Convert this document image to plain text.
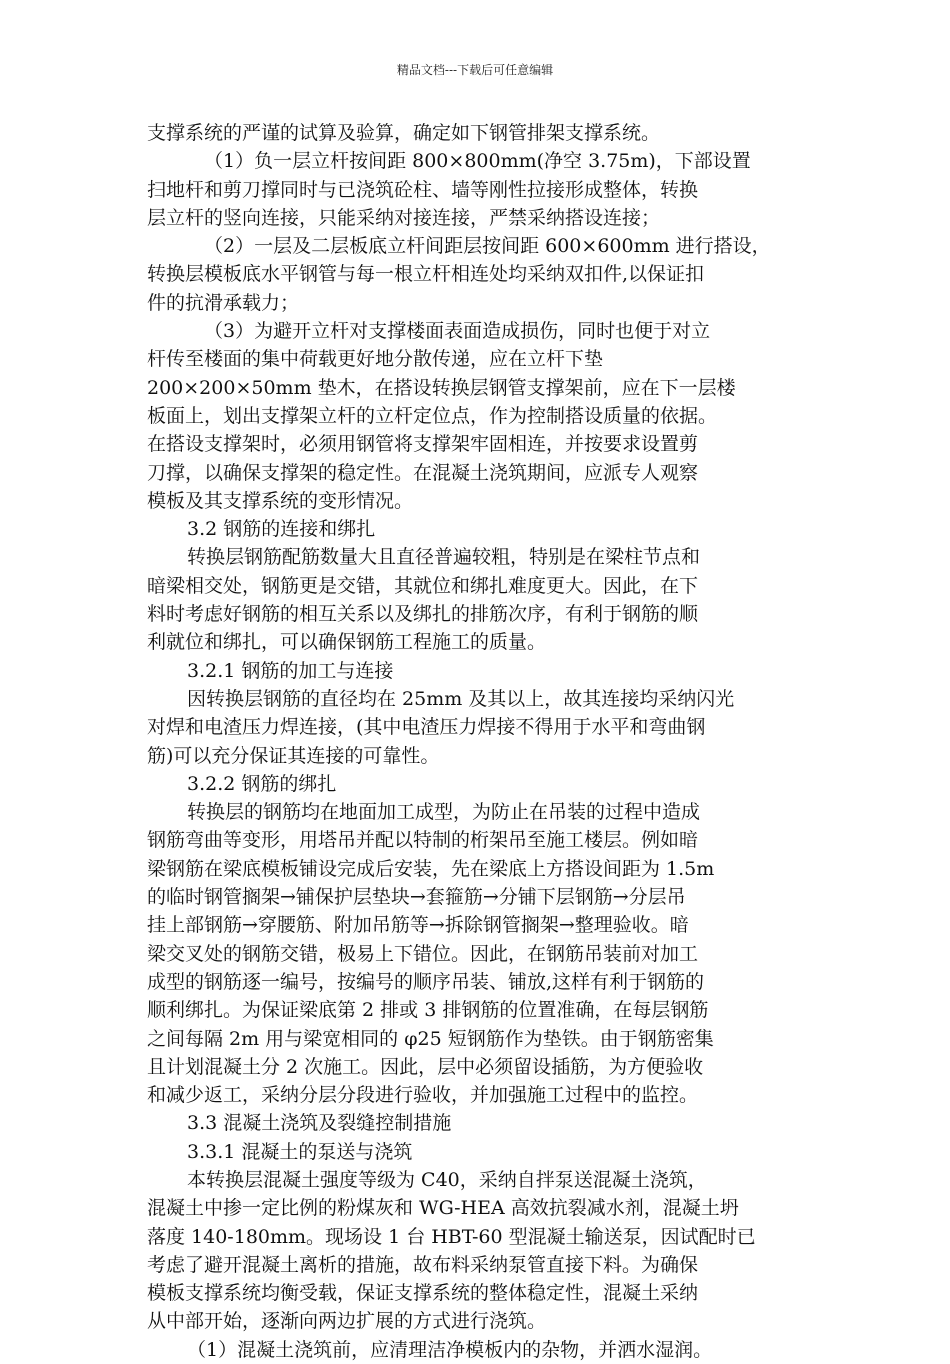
精品文档---下载后可任意编辑
支撑系统的严谨的试算及验算，确定如下钢管排架支撑系统。
（1）负一层立杆按间距 800×800mm(净空 3.75m)，下部设置
扫地杆和剪刀撑同时与已浇筑砼柱、墙等刚性拉接形成整体，转换
层立杆的竖向连接，只能采纳对接连接，严禁采纳搭设连接；
（2）一层及二层板底立杆间距层按间距 600×600mm 进行搭设，
转换层模板底水平钢管与每一根立杆相连处均采纳双扣件,以保证扣
件的抗滑承载力；
（3）为避开立杆对支撑楼面表面造成损伤，同时也便于对立
杆传至楼面的集中荷载更好地分散传递，应在立杆下垫
200×200×50mm 垫木，在搭设转换层钢管支撑架前，应在下一层楼
板面上，划出支撑架立杆的立杆定位点，作为控制搭设质量的依据。
在搭设支撑架时，必须用钢管将支撑架牢固相连，并按要求设置剪
刀撑，以确保支撑架的稳定性。在混凝土浇筑期间，应派专人观察
模板及其支撑系统的变形情况。
3.2 钢筋的连接和绑扎
转换层钢筋配筋数量大且直径普遍较粗，特别是在梁柱节点和
暗梁相交处，钢筋更是交错，其就位和绑扎难度更大。因此，在下
料时考虑好钢筋的相互关系以及绑扎的排筋次序，有利于钢筋的顺
利就位和绑扎，可以确保钢筋工程施工的质量。
3.2.1 钢筋的加工与连接
因转换层钢筋的直径均在 25mm 及其以上，故其连接均采纳闪光
对焊和电渣压力焊连接，(其中电渣压力焊接不得用于水平和弯曲钢
筋)可以充分保证其连接的可靠性。
3.2.2 钢筋的绑扎
转换层的钢筋均在地面加工成型，为防止在吊装的过程中造成
钢筋弯曲等变形，用塔吊并配以特制的桁架吊至施工楼层。例如暗
梁钢筋在梁底模板铺设完成后安装，先在梁底上方搭设间距为 1.5m
的临时钢管搁架→铺保护层垫块→套箍筋→分铺下层钢筋→分层吊
挂上部钢筋→穿腰筋、附加吊筋等→拆除钢管搁架→整理验收。暗
梁交叉处的钢筋交错，极易上下错位。因此，在钢筋吊装前对加工
成型的钢筋逐一编号，按编号的顺序吊装、铺放,这样有利于钢筋的
顺利绑扎。为保证梁底第 2 排或 3 排钢筋的位置准确，在每层钢筋
之间每隔 2m 用与梁宽相同的 φ25 短钢筋作为垫铁。由于钢筋密集
且计划混凝土分 2 次施工。因此，层中必须留设插筋，为方便验收
和减少返工，采纳分层分段进行验收，并加强施工过程中的监控。
3.3 混凝土浇筑及裂缝控制措施
3.3.1 混凝土的泵送与浇筑
本转换层混凝土强度等级为 C40，采纳自拌泵送混凝土浇筑，
混凝土中掺一定比例的粉煤灰和 WG-HEA 高效抗裂减水剂，混凝土坍
落度 140-180mm。现场设 1 台 HBT-60 型混凝土输送泵，因试配时已
考虑了避开混凝土离析的措施，故布料采纳泵管直接下料。为确保
模板支撑系统均衡受载，保证支撑系统的整体稳定性，混凝土采纳
从中部开始，逐渐向两边扩展的方式进行浇筑。
（1）混凝土浇筑前，应清理洁净模板内的杂物，并洒水湿润。
